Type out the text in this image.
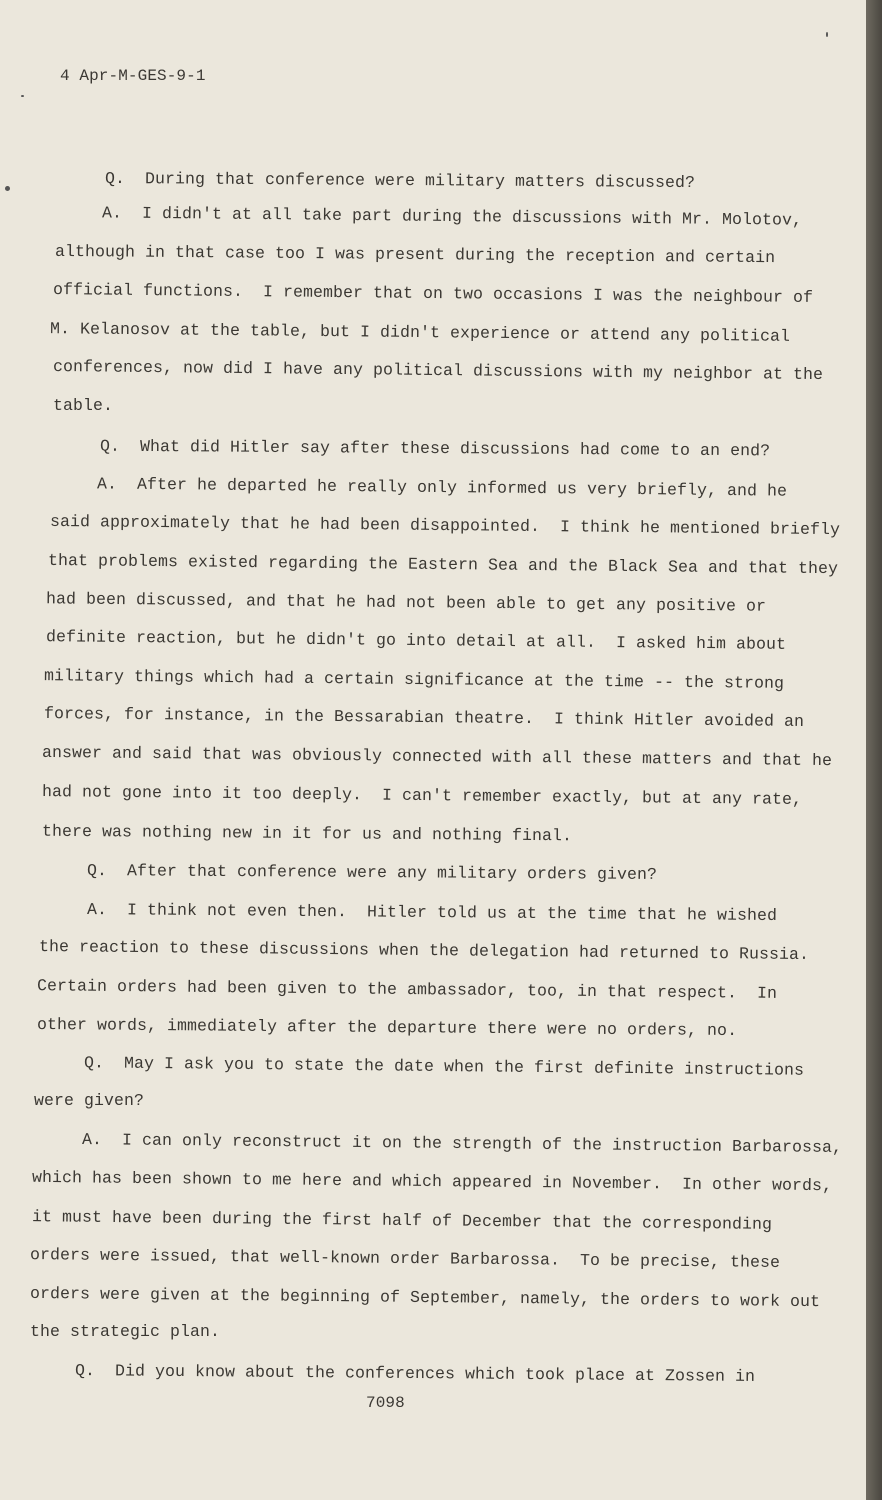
4 Apr-M-GES-9-1
Q.  During that conference were military matters discussed?
A.  I didn't at all take part during the discussions with Mr. Molotov,
although in that case too I was present during the reception and certain
official functions.  I remember that on two occasions I was the neighbour of
M. Kelanosov at the table, but I didn't experience or attend any political
conferences, now did I have any political discussions with my neighbor at the
table.
Q.  What did Hitler say after these discussions had come to an end?
A.  After he departed he really only informed us very briefly, and he
said approximately that he had been disappointed.  I think he mentioned briefly
that problems existed regarding the Eastern Sea and the Black Sea and that they
had been discussed, and that he had not been able to get any positive or
definite reaction, but he didn't go into detail at all.  I asked him about
military things which had a certain significance at the time -- the strong
forces, for instance, in the Bessarabian theatre.  I think Hitler avoided an
answer and said that was obviously connected with all these matters and that he
had not gone into it too deeply.  I can't remember exactly, but at any rate,
there was nothing new in it for us and nothing final.
Q.  After that conference were any military orders given?
A.  I think not even then.  Hitler told us at the time that he wished
the reaction to these discussions when the delegation had returned to Russia.
Certain orders had been given to the ambassador, too, in that respect.  In
other words, immediately after the departure there were no orders, no.
Q.  May I ask you to state the date when the first definite instructions
were given?
A.  I can only reconstruct it on the strength of the instruction Barbarossa,
which has been shown to me here and which appeared in November.  In other words,
it must have been during the first half of December that the corresponding
orders were issued, that well-known order Barbarossa.  To be precise, these
orders were given at the beginning of September, namely, the orders to work out
the strategic plan.
Q.  Did you know about the conferences which took place at Zossen in
7098
